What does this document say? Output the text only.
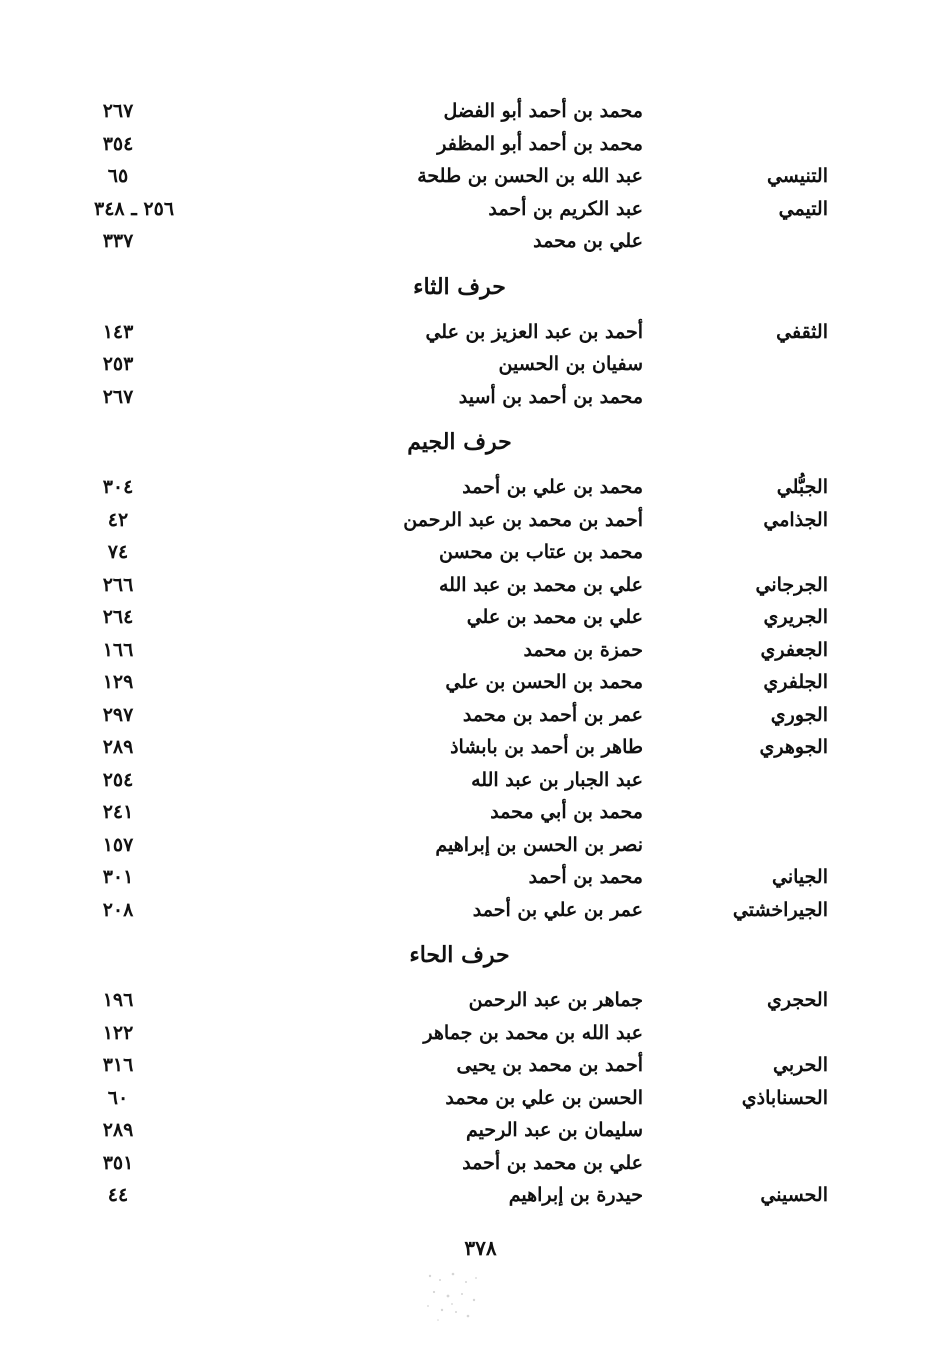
محمد بن أحمد أبو الفضل
٢٦٧
محمد بن أحمد أبو المظفر
٣٥٤
التنيسي
عبد الله بن الحسن بن طلحة
٦٥
التيمي
عبد الكريم بن أحمد
٢٥٦ ـ ٣٤٨
علي بن محمد
٣٣٧
حرف الثاء
الثقفي
أحمد بن عبد العزيز بن علي
١٤٣
سفيان بن الحسين
٢٥٣
محمد بن أحمد بن أسيد
٢٦٧
حرف الجيم
الجبُّلي
محمد بن علي بن أحمد
٣٠٤
الجذامي
أحمد بن محمد بن عبد الرحمن
٤٢
محمد بن عتاب بن محسن
٧٤
الجرجاني
علي بن محمد بن عبد الله
٢٦٦
الجريري
علي بن محمد بن علي
٢٦٤
الجعفري
حمزة بن محمد
١٦٦
الجلفري
محمد بن الحسن بن علي
١٢٩
الجوري
عمر بن أحمد بن محمد
٢٩٧
الجوهري
طاهر بن أحمد بن بابشاذ
٢٨٩
عبد الجبار بن عبد الله
٢٥٤
محمد بن أبي محمد
٢٤١
نصر بن الحسن بن إبراهيم
١٥٧
الجياني
محمد بن أحمد
٣٠١
الجيراخشتي
عمر بن علي بن أحمد
٢٠٨
حرف الحاء
الحجري
جماهر بن عبد الرحمن
١٩٦
عبد الله بن محمد بن جماهر
١٢٢
الحربي
أحمد بن محمد بن يحيى
٣١٦
الحسناباذي
الحسن بن علي بن محمد
٦٠
سليمان بن عبد الرحيم
٢٨٩
علي بن محمد بن أحمد
٣٥١
الحسيني
حيدرة بن إبراهيم
٤٤
٣٧٨
